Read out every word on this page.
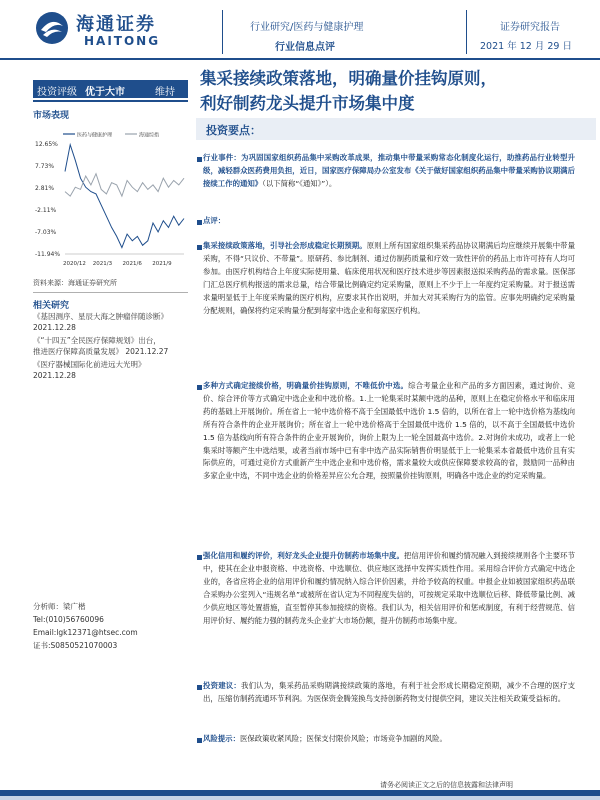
海通证券
HAITONG
行业研究/医药与健康护理
行业信息点评
证券研究报告
2021 年 12 月 29 日
投资评级 优于大市	维持
集采接续政策落地，明确量价挂钩原则，
利好制药龙头提升市场集中度
市场表现
医药与健康护理	海通综指
12.65%
7.73%
2.81%
-2.11%
-7.03%
-11.94%
2020/12 2021/3 2021/6 2021/9
资料来源：海通证券研究所
相关研究
《基因测序、星辰大海之肿瘤伴随诊断》
2021.12.28
《“十四五”全民医疗保障规划》出台，
推进医疗保障高质量发展》 2021.12.27
《医疗器械国际化前进远大光明》
2021.12.28
分析师：梁广楷
Tel:(010)56760096
Email:lgk12371@htsec.com
证书:S0850521070003
投资要点：
行业事件：为巩固国家组织药品集中采购改革成果，推动集中带量采购常态化制度化运行，助推药品行业转型升级，减轻群众医药费用负担，近日，国家医疗保障局办公室发布《关于做好国家组织药品集中带量采购协议期满后接续工作的通知》（以下简称“《通知》”）。
点评：
集采接续政策落地，引导社会形成稳定长期预期。原则上所有国家组织集采药品协议期满后均应继续开展集中带量采购，不得“只议价、不带量”。原研药、参比制剂、通过仿制药质量和疗效一致性评价的药品上市许可持有人均可参加。由医疗机构结合上年度实际使用量、临床使用状况和医疗技术进步等因素报送拟采购药品的需求量。医保部门汇总医疗机构报送的需求总量，结合带量比例确定约定采购量，原则上不少于上一年度约定采购量。对于报送需求量明显低于上年度采购量的医疗机构，应要求其作出说明，并加大对其采购行为的监管。应事先明确约定采购量分配规则，确保将约定采购量分配到每家中选企业和每家医疗机构。
多种方式确定接续价格，明确量价挂钩原则，不唯低价中选。综合考量企业和产品的多方面因素，通过询价、竞价、综合评价等方式确定中选企业和中选价格。1.上一轮集采时某额中选的品种，原则上在稳定价格水平和临床用药的基础上开展询价。所在省上一轮中选价格不高于全国最低中选价 1.5 倍的，以所在省上一轮中选价格为基线向所有符合条件的企业开展询价；所在省上一轮中选价格高于全国最低中选价 1.5 倍的，以不高于全国最低中选价 1.5 倍为基线向所有符合条件的企业开展询价，询价上限为上一轮全国最高中选价。2.对询价未成功，或者上一轮集采时等额产生中选结果，或者当前市场中已有非中选产品实际销售价明显低于上一轮集采本省最低中选价且有实际供应的，可通过竞价方式重新产生中选企业和中选价格，需求量较大或供应保障要求较高的省，鼓励同一品种由多家企业中选，不同中选企业的价格差异应公允合理，按照量价挂钩原则，明确各中选企业的约定采购量。
强化信用和履约评价，利好龙头企业提升仿制药市场集中度。把信用评价和履约情况融入到接续规则各个主要环节中，使其在企业申报资格、中选资格、中选顺位、供应地区选择中发挥实质性作用。采用综合评价方式确定中选企业的，各省应将企业的信用评价和履约情况纳入综合评价因素，并给予较高的权重。申报企业如被国家组织药品联合采购办公室列入“违规名单”或被所在省认定为不同程度失信的，可按规定采取中选顺位后移、降低带量比例、减少供应地区等处置措施，直至暂停其参加接续的资格。我们认为，相关信用评价和惩戒制度，有利于经营规范、信用评价好、履约能力强的制药龙头企业扩大市场份额，提升仿制药市场集中度。
投资建议：我们认为，集采药品采购期满接续政策的落地，有利于社会形成长期稳定预期，减少不合理的医疗支出，压缩仿制药流通环节利润。为医保资金腾笼换鸟支持创新药物支付提供空间，建议关注相关政策受益标的。
风险提示：医保政策收紧风险；医保支付限价风险；市场竞争加剧的风险。
请务必阅读正文之后的信息披露和法律声明
